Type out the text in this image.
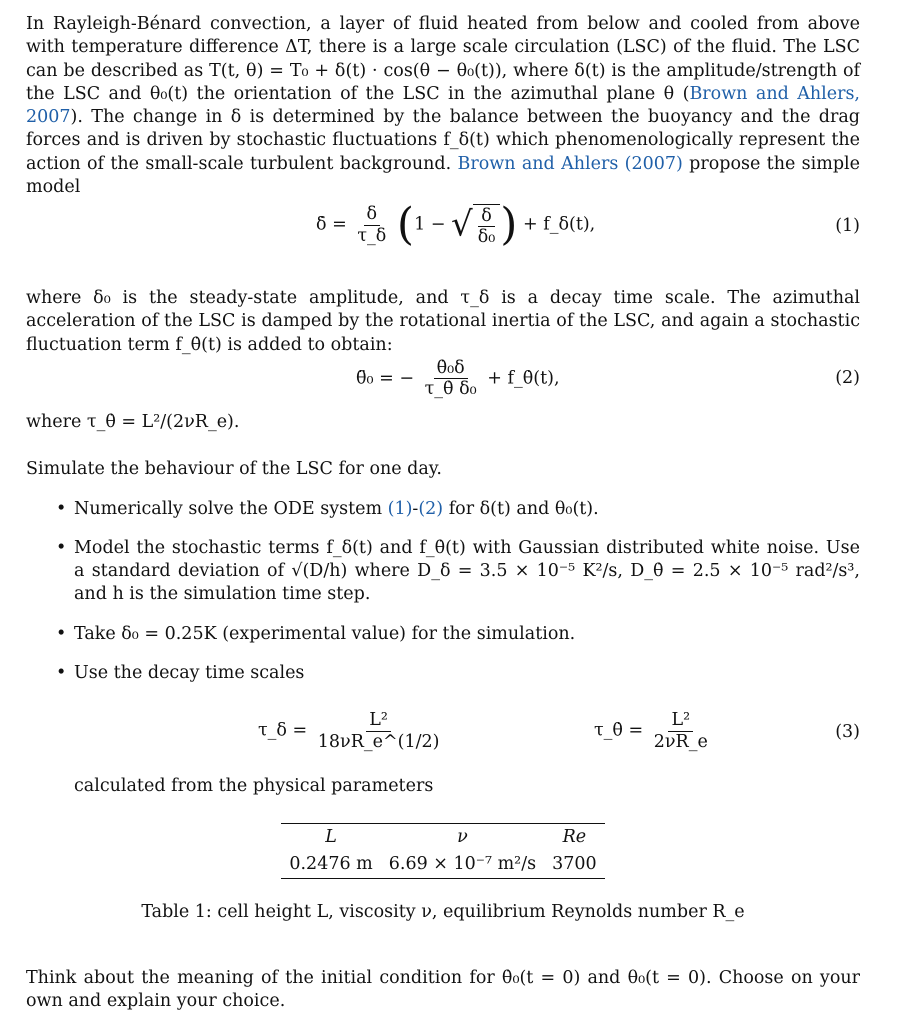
In Rayleigh-Bénard convection, a layer of fluid heated from below and cooled from above with temperature difference ΔT, there is a large scale circulation (LSC) of the fluid. The LSC can be described as T(t, θ) = T₀ + δ(t) · cos(θ − θ₀(t)), where δ(t) is the amplitude/strength of the LSC and θ₀(t) the orientation of the LSC in the azimuthal plane θ (Brown and Ahlers, 2007). The change in δ is determined by the balance between the buoyancy and the drag forces and is driven by stochastic fluctuations f_δ(t) which phenomenologically represent the action of the small-scale turbulent background. Brown and Ahlers (2007) propose the simple model

δ̇ = $\frac{\delta}{\tau\_\delta} (1$ − √ $\frac{\delta}{\text{δ₀}}$ ) + f_δ(t),	(1)

where δ₀ is the steady-state amplitude, and τ_δ is a decay time scale. The azimuthal acceleration of the LSC is damped by the rotational inertia of the LSC, and again a stochastic fluctuation term f_θ̇(t) is added to obtain:

θ̈₀ = − $\frac{\text{θ̇₀δ}}{\text{τ\_θ̇ δ₀}}$ + f_θ̇(t),	(2)

where τ_θ̇ = L²/(2νR_e).

Simulate the behaviour of the LSC for one day.

• Numerically solve the ODE system (1)-(2) for δ(t) and θ₀(t).
• Model the stochastic terms f_δ(t) and f_θ̇(t) with Gaussian distributed white noise. Use a standard deviation of √(D/h) where D_δ = 3.5 × 10⁻⁵ K²/s, D_θ̇ = 2.5 × 10⁻⁵ rad²/s³, and h is the simulation time step.
• Take δ₀ = 0.25K (experimental value) for the simulation.
• Use the decay time scales
τ_δ = $\frac{\text{L²}}{18\nu R\_e\^{}(1/2)}$	τ_θ̇ = $\frac{\text{L²}}{2\nu R\_e}$	(3)

calculated from the physical parameters

L	ν	Re
0.2476 m	6.69 × 10⁻⁷ m²/s	3700

Table 1: cell height L, viscosity ν, equilibrium Reynolds number R_e

Think about the meaning of the initial condition for θ̇₀(t = 0) and θ₀(t = 0). Choose on your own and explain your choice.
